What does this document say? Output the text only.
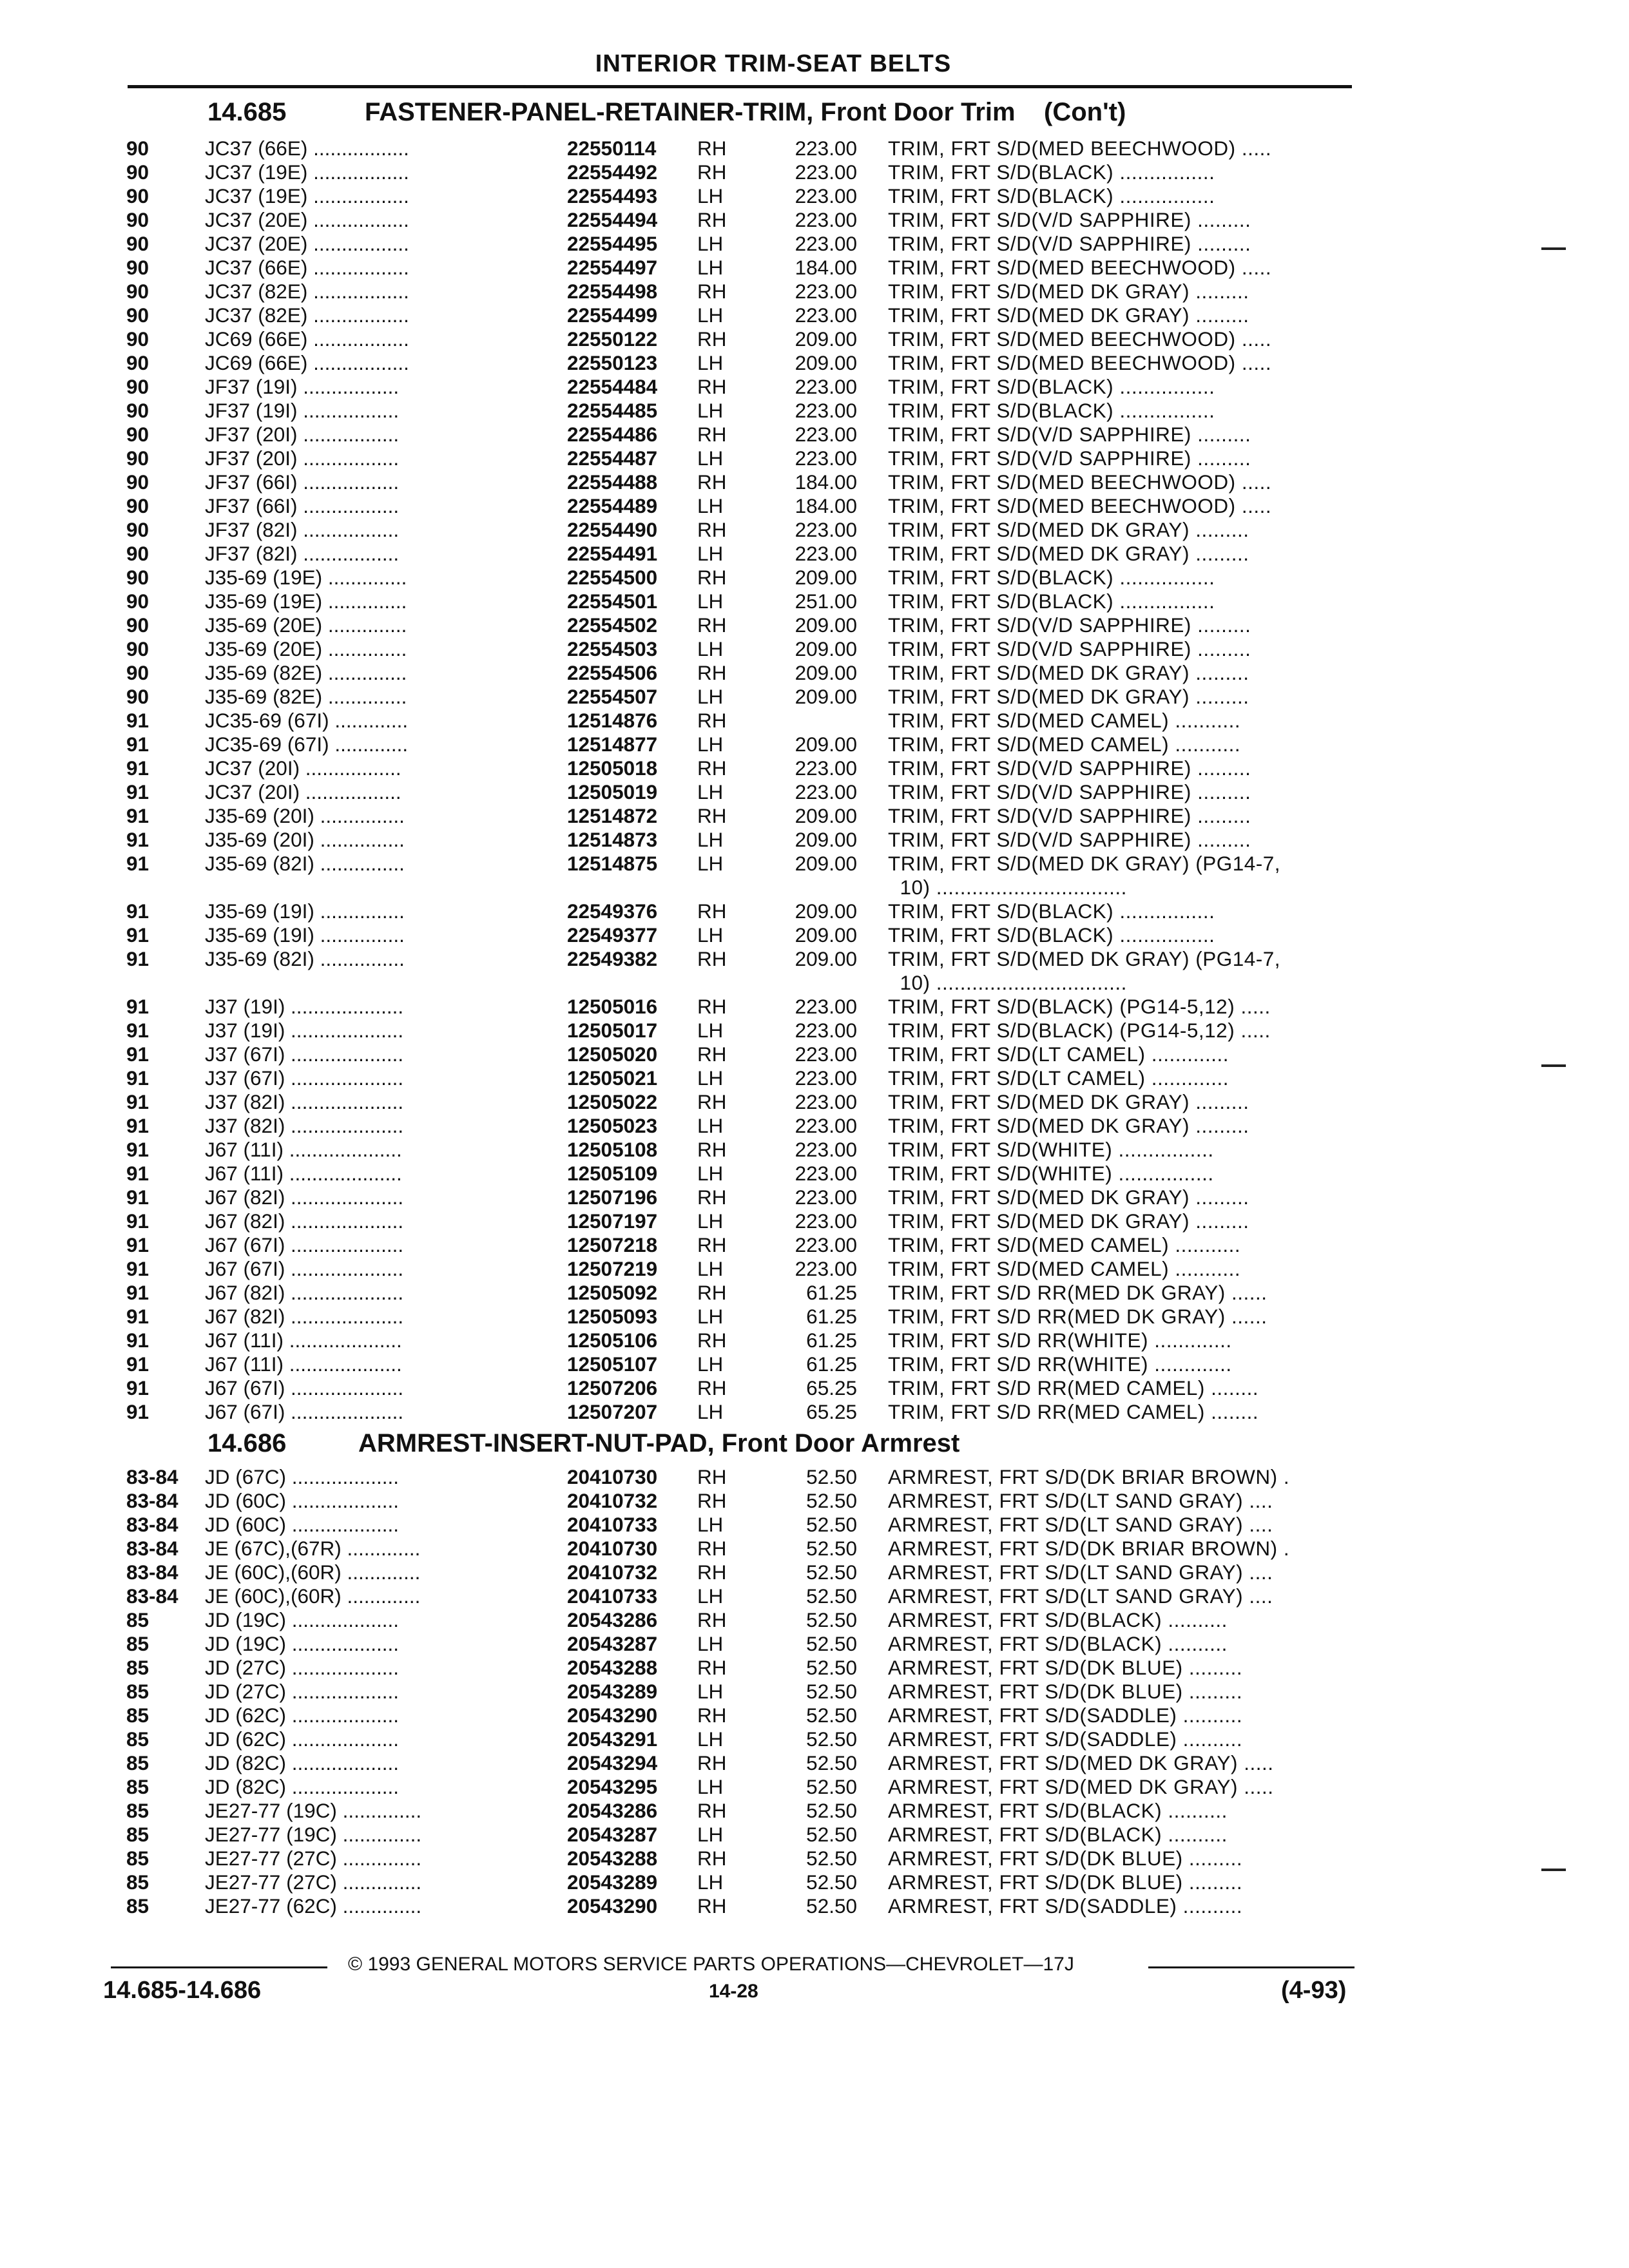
INTERIOR TRIM-SEAT BELTS
14.685	FASTENER-PANEL-RETAINER-TRIM, Front Door Trim    (Con't)
90	JC37 (66E) .................	22550114 RH	223.00 TRIM, FRT S/D(MED BEECHWOOD) .....
90	JC37 (19E) .................	22554492 RH	223.00 TRIM, FRT S/D(BLACK) ................
90	JC37 (19E) .................	22554493 LH	223.00 TRIM, FRT S/D(BLACK) ................
90	JC37 (20E) .................	22554494 RH	223.00 TRIM, FRT S/D(V/D SAPPHIRE) .........
90	JC37 (20E) .................	22554495 LH	223.00 TRIM, FRT S/D(V/D SAPPHIRE) .........
90	JC37 (66E) .................	22554497 LH	184.00 TRIM, FRT S/D(MED BEECHWOOD) .....
90	JC37 (82E) .................	22554498 RH	223.00 TRIM, FRT S/D(MED DK GRAY) .........
90	JC37 (82E) .................	22554499 LH	223.00 TRIM, FRT S/D(MED DK GRAY) .........
90	JC69 (66E) .................	22550122 RH	209.00 TRIM, FRT S/D(MED BEECHWOOD) .....
90	JC69 (66E) .................	22550123 LH	209.00 TRIM, FRT S/D(MED BEECHWOOD) .....
90	JF37 (19I) .................	22554484 RH	223.00 TRIM, FRT S/D(BLACK) ................
90	JF37 (19I) .................	22554485 LH	223.00 TRIM, FRT S/D(BLACK) ................
90	JF37 (20I) .................	22554486 RH	223.00 TRIM, FRT S/D(V/D SAPPHIRE) .........
90	JF37 (20I) .................	22554487 LH	223.00 TRIM, FRT S/D(V/D SAPPHIRE) .........
90	JF37 (66I) .................	22554488 RH	184.00 TRIM, FRT S/D(MED BEECHWOOD) .....
90	JF37 (66I) .................	22554489 LH	184.00 TRIM, FRT S/D(MED BEECHWOOD) .....
90	JF37 (82I) .................	22554490 RH	223.00 TRIM, FRT S/D(MED DK GRAY) .........
90	JF37 (82I) .................	22554491 LH	223.00 TRIM, FRT S/D(MED DK GRAY) .........
90	J35-69 (19E) ..............	22554500 RH	209.00 TRIM, FRT S/D(BLACK) ................
90	J35-69 (19E) ..............	22554501 LH	251.00 TRIM, FRT S/D(BLACK) ................
90	J35-69 (20E) ..............	22554502 RH	209.00 TRIM, FRT S/D(V/D SAPPHIRE) .........
90	J35-69 (20E) ..............	22554503 LH	209.00 TRIM, FRT S/D(V/D SAPPHIRE) .........
90	J35-69 (82E) ..............	22554506 RH	209.00 TRIM, FRT S/D(MED DK GRAY) .........
90	J35-69 (82E) ..............	22554507 LH	209.00 TRIM, FRT S/D(MED DK GRAY) .........
91	JC35-69 (67I) .............	12514876 RH	TRIM, FRT S/D(MED CAMEL) ...........
91	JC35-69 (67I) .............	12514877 LH	209.00 TRIM, FRT S/D(MED CAMEL) ...........
91	JC37 (20I) .................	12505018 RH	223.00 TRIM, FRT S/D(V/D SAPPHIRE) .........
91	JC37 (20I) .................	12505019 LH	223.00 TRIM, FRT S/D(V/D SAPPHIRE) .........
91	J35-69 (20I) ...............	12514872 RH	209.00 TRIM, FRT S/D(V/D SAPPHIRE) .........
91	J35-69 (20I) ...............	12514873 LH	209.00 TRIM, FRT S/D(V/D SAPPHIRE) .........
91	J35-69 (82I) ...............	12514875 LH	209.00 TRIM, FRT S/D(MED DK GRAY) (PG14-7,
10) ................................
91	J35-69 (19I) ...............	22549376 RH	209.00 TRIM, FRT S/D(BLACK) ................
91	J35-69 (19I) ...............	22549377 LH	209.00 TRIM, FRT S/D(BLACK) ................
91	J35-69 (82I) ...............	22549382 RH	209.00 TRIM, FRT S/D(MED DK GRAY) (PG14-7,
10) ................................
91	J37 (19I) ....................	12505016 RH	223.00 TRIM, FRT S/D(BLACK) (PG14-5,12) .....
91	J37 (19I) ....................	12505017 LH	223.00 TRIM, FRT S/D(BLACK) (PG14-5,12) .....
91	J37 (67I) ....................	12505020 RH	223.00 TRIM, FRT S/D(LT CAMEL) .............
91	J37 (67I) ....................	12505021 LH	223.00 TRIM, FRT S/D(LT CAMEL) .............
91	J37 (82I) ....................	12505022 RH	223.00 TRIM, FRT S/D(MED DK GRAY) .........
91	J37 (82I) ....................	12505023 LH	223.00 TRIM, FRT S/D(MED DK GRAY) .........
91	J67 (11I) ....................	12505108 RH	223.00 TRIM, FRT S/D(WHITE) ................
91	J67 (11I) ....................	12505109 LH	223.00 TRIM, FRT S/D(WHITE) ................
91	J67 (82I) ....................	12507196 RH	223.00 TRIM, FRT S/D(MED DK GRAY) .........
91	J67 (82I) ....................	12507197 LH	223.00 TRIM, FRT S/D(MED DK GRAY) .........
91	J67 (67I) ....................	12507218 RH	223.00 TRIM, FRT S/D(MED CAMEL) ...........
91	J67 (67I) ....................	12507219 LH	223.00 TRIM, FRT S/D(MED CAMEL) ...........
91	J67 (82I) ....................	12505092 RH	61.25 TRIM, FRT S/D RR(MED DK GRAY) ......
91	J67 (82I) ....................	12505093 LH	61.25 TRIM, FRT S/D RR(MED DK GRAY) ......
91	J67 (11I) ....................	12505106 RH	61.25 TRIM, FRT S/D RR(WHITE) .............
91	J67 (11I) ....................	12505107 LH	61.25 TRIM, FRT S/D RR(WHITE) .............
91	J67 (67I) ....................	12507206 RH	65.25 TRIM, FRT S/D RR(MED CAMEL) ........
91	J67 (67I) ....................	12507207 LH	65.25 TRIM, FRT S/D RR(MED CAMEL) ........
14.686	ARMREST-INSERT-NUT-PAD, Front Door Armrest
83-84 JD (67C) ...................	20410730 RH	52.50 ARMREST, FRT S/D(DK BRIAR BROWN) .
83-84 JD (60C) ...................	20410732 RH	52.50 ARMREST, FRT S/D(LT SAND GRAY) ....
83-84 JD (60C) ...................	20410733 LH	52.50 ARMREST, FRT S/D(LT SAND GRAY) ....
83-84 JE (67C),(67R) .............	20410730 RH	52.50 ARMREST, FRT S/D(DK BRIAR BROWN) .
83-84 JE (60C),(60R) .............	20410732 RH	52.50 ARMREST, FRT S/D(LT SAND GRAY) ....
83-84 JE (60C),(60R) .............	20410733 LH	52.50 ARMREST, FRT S/D(LT SAND GRAY) ....
85	JD (19C) ...................	20543286 RH	52.50 ARMREST, FRT S/D(BLACK) ..........
85	JD (19C) ...................	20543287 LH	52.50 ARMREST, FRT S/D(BLACK) ..........
85	JD (27C) ...................	20543288 RH	52.50 ARMREST, FRT S/D(DK BLUE) .........
85	JD (27C) ...................	20543289 LH	52.50 ARMREST, FRT S/D(DK BLUE) .........
85	JD (62C) ...................	20543290 RH	52.50 ARMREST, FRT S/D(SADDLE) ..........
85	JD (62C) ...................	20543291 LH	52.50 ARMREST, FRT S/D(SADDLE) ..........
85	JD (82C) ...................	20543294 RH	52.50 ARMREST, FRT S/D(MED DK GRAY) .....
85	JD (82C) ...................	20543295 LH	52.50 ARMREST, FRT S/D(MED DK GRAY) .....
85	JE27-77 (19C) ..............	20543286 RH	52.50 ARMREST, FRT S/D(BLACK) ..........
85	JE27-77 (19C) ..............	20543287 LH	52.50 ARMREST, FRT S/D(BLACK) ..........
85	JE27-77 (27C) ..............	20543288 RH	52.50 ARMREST, FRT S/D(DK BLUE) .........
85	JE27-77 (27C) ..............	20543289 LH	52.50 ARMREST, FRT S/D(DK BLUE) .........
85	JE27-77 (62C) ..............	20543290 RH	52.50 ARMREST, FRT S/D(SADDLE) ..........
© 1993 GENERAL MOTORS SERVICE PARTS OPERATIONS—CHEVROLET—17J
14.685-14.686	14-28	(4-93)
